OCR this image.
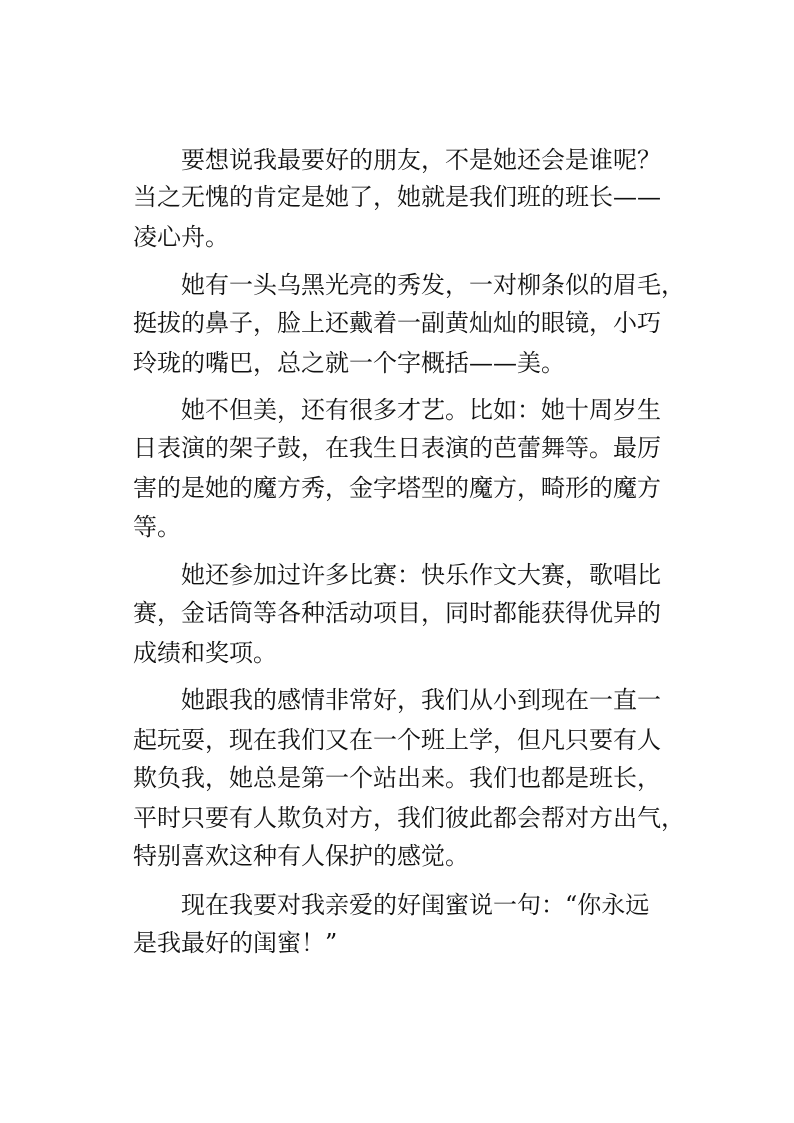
要想说我最要好的朋友，不是她还会是谁呢？
当之无愧的肯定是她了，她就是我们班的班长——
凌心舟。
她有一头乌黑光亮的秀发，一对柳条似的眉毛，
挺拔的鼻子，脸上还戴着一副黄灿灿的眼镜，小巧
玲珑的嘴巴，总之就一个字概括——美。
她不但美，还有很多才艺。比如：她十周岁生
日表演的架子鼓，在我生日表演的芭蕾舞等。最厉
害的是她的魔方秀，金字塔型的魔方，畸形的魔方
等。
她还参加过许多比赛：快乐作文大赛，歌唱比
赛，金话筒等各种活动项目，同时都能获得优异的
成绩和奖项。
她跟我的感情非常好，我们从小到现在一直一
起玩耍，现在我们又在一个班上学，但凡只要有人
欺负我，她总是第一个站出来。我们也都是班长，
平时只要有人欺负对方，我们彼此都会帮对方出气，
特别喜欢这种有人保护的感觉。
现在我要对我亲爱的好闺蜜说一句：“你永远
是我最好的闺蜜！”
